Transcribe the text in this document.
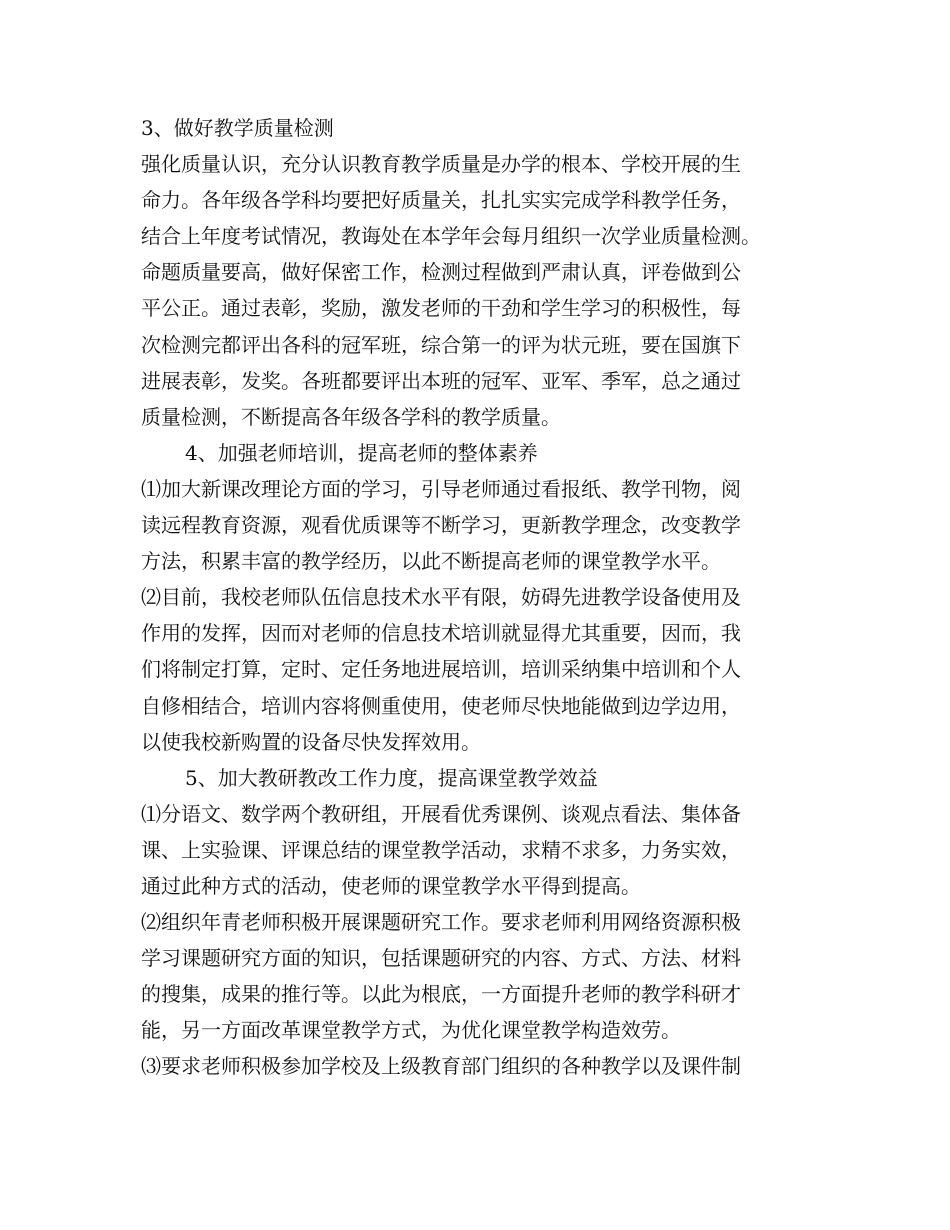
3、做好教学质量检测
强化质量认识，充分认识教育教学质量是办学的根本、学校开展的生
命力。各年级各学科均要把好质量关，扎扎实实完成学科教学任务，
结合上年度考试情况，教诲处在本学年会每月组织一次学业质量检测。
命题质量要高，做好保密工作，检测过程做到严肃认真，评卷做到公
平公正。通过表彰，奖励，激发老师的干劲和学生学习的积极性，每
次检测完都评出各科的冠军班，综合第一的评为状元班，要在国旗下
进展表彰，发奖。各班都要评出本班的冠军、亚军、季军，总之通过
质量检测，不断提高各年级各学科的教学质量。
4、加强老师培训，提高老师的整体素养
⑴加大新课改理论方面的学习，引导老师通过看报纸、教学刊物，阅
读远程教育资源，观看优质课等不断学习，更新教学理念，改变教学
方法，积累丰富的教学经历，以此不断提高老师的课堂教学水平。
⑵目前，我校老师队伍信息技术水平有限，妨碍先进教学设备使用及
作用的发挥，因而对老师的信息技术培训就显得尤其重要，因而，我
们将制定打算，定时、定任务地进展培训，培训采纳集中培训和个人
自修相结合，培训内容将侧重使用，使老师尽快地能做到边学边用，
以使我校新购置的设备尽快发挥效用。
5、加大教研教改工作力度，提高课堂教学效益
⑴分语文、数学两个教研组，开展看优秀课例、谈观点看法、集体备
课、上实验课、评课总结的课堂教学活动，求精不求多，力务实效，
通过此种方式的活动，使老师的课堂教学水平得到提高。
⑵组织年青老师积极开展课题研究工作。要求老师利用网络资源积极
学习课题研究方面的知识，包括课题研究的内容、方式、方法、材料
的搜集，成果的推行等。以此为根底，一方面提升老师的教学科研才
能，另一方面改革课堂教学方式，为优化课堂教学构造效劳。
⑶要求老师积极参加学校及上级教育部门组织的各种教学以及课件制
